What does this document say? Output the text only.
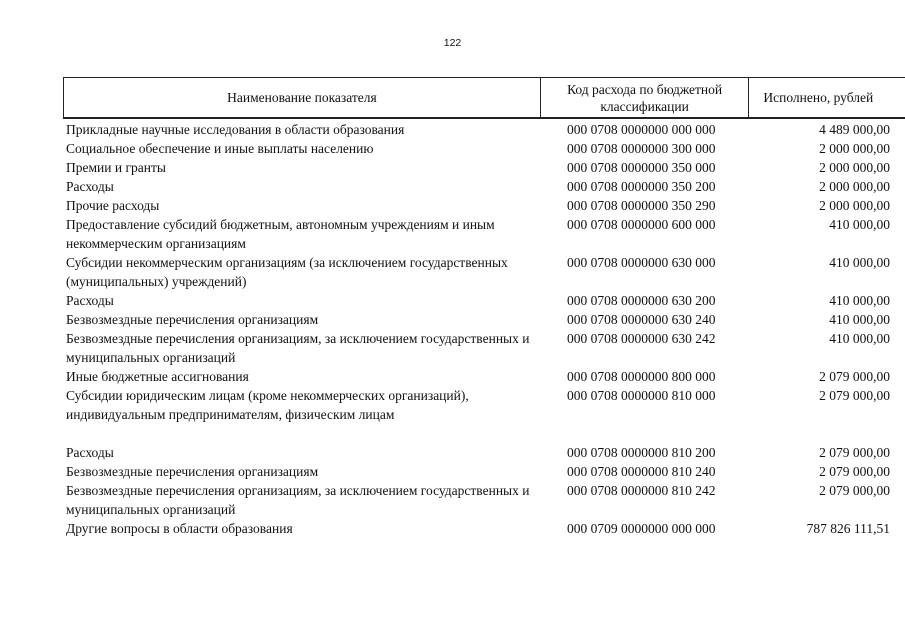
122
Наименование показателя
Код расхода по бюджетной классификации
Исполнено, рублей
Прикладные научные исследования в области образования	000 0708 0000000 000 000	4 489 000,00
Социальное обеспечение и иные выплаты населению	000 0708 0000000 300 000	2 000 000,00
Премии и гранты	000 0708 0000000 350 000	2 000 000,00
Расходы	000 0708 0000000 350 200	2 000 000,00
Прочие расходы	000 0708 0000000 350 290	2 000 000,00
Предоставление субсидий бюджетным, автономным учреждениям и иным некоммерческим организациям
000 0708 0000000 600 000	410 000,00
Субсидии некоммерческим организациям (за исключением государственных (муниципальных) учреждений)
000 0708 0000000 630 000	410 000,00
Расходы	000 0708 0000000 630 200	410 000,00
Безвозмездные перечисления организациям	000 0708 0000000 630 240	410 000,00
Безвозмездные перечисления организациям, за исключением государственных и муниципальных организаций
000 0708 0000000 630 242	410 000,00
Иные бюджетные ассигнования	000 0708 0000000 800 000	2 079 000,00
Субсидии юридическим лицам (кроме некоммерческих организаций), индивидуальным предпринимателям, физическим лицам
000 0708 0000000 810 000	2 079 000,00
Расходы	000 0708 0000000 810 200	2 079 000,00
Безвозмездные перечисления организациям	000 0708 0000000 810 240	2 079 000,00
Безвозмездные перечисления организациям, за исключением государственных и муниципальных организаций
000 0708 0000000 810 242	2 079 000,00
Другие вопросы в области образования	000 0709 0000000 000 000	787 826 111,51
